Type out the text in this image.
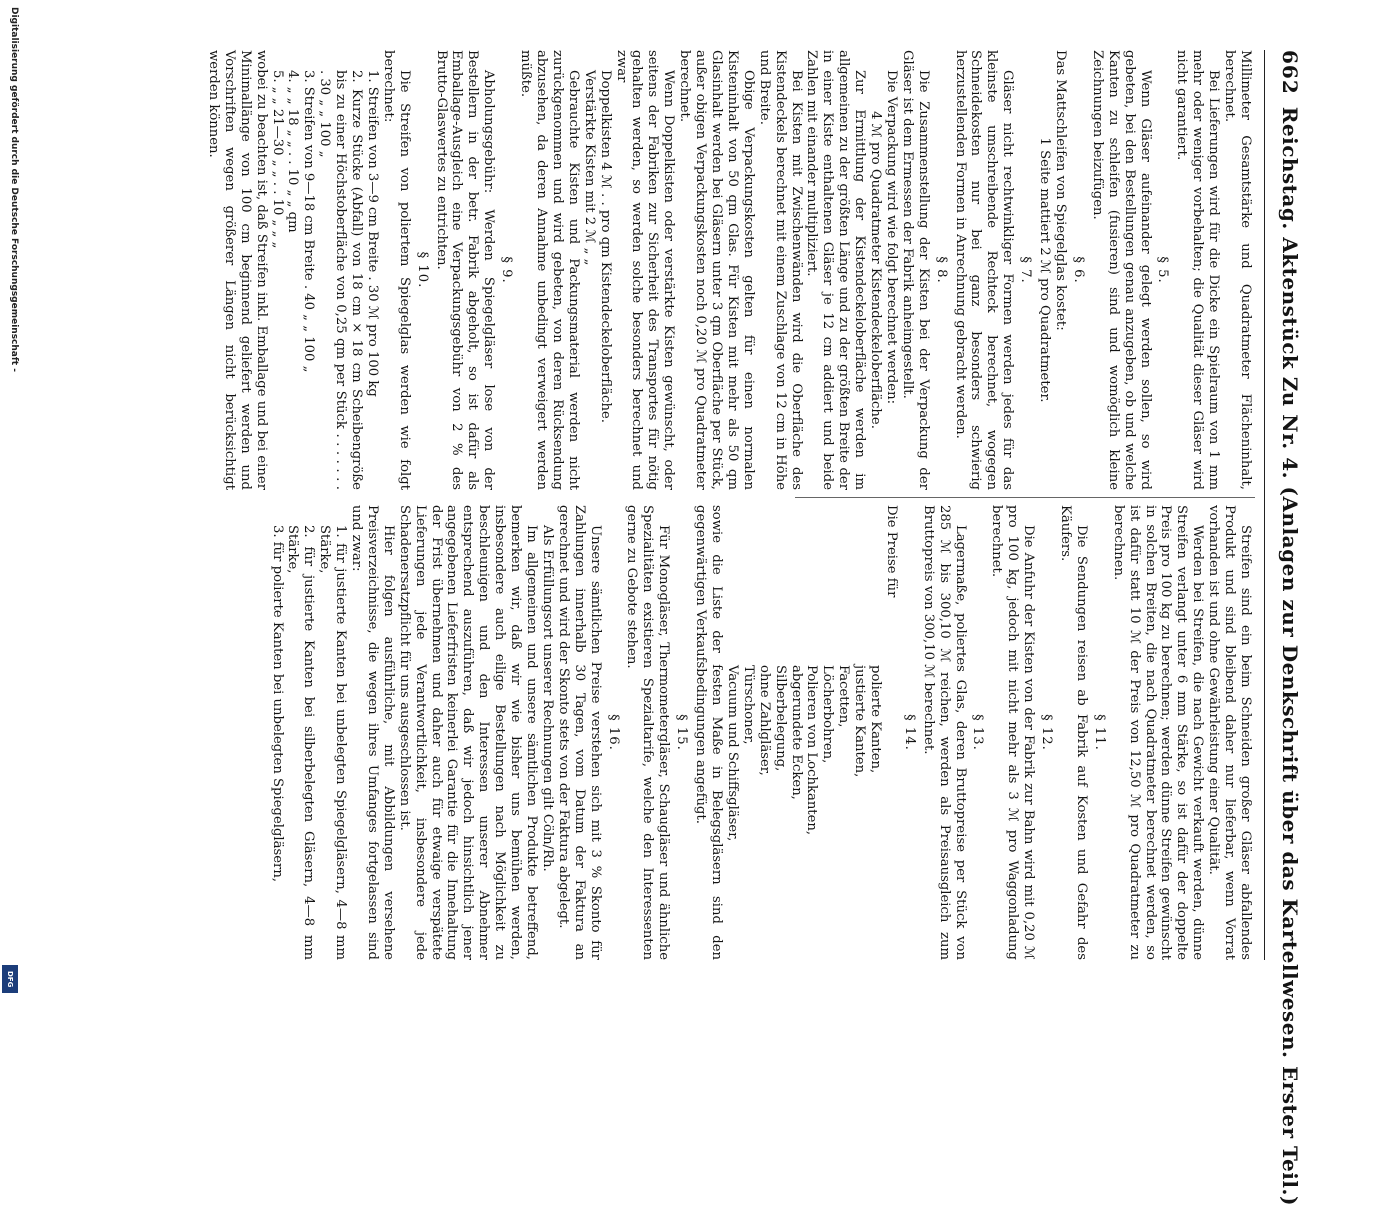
662
Reichstag. Aktenstück Zu Nr. 4. (Anlagen zur Denkschrift über das Kartellwesen. Erster Teil.)
Millimeter Gesamtstärke und Quadratmeter Flächeninhalt, berechnet.
Bei Lieferungen wird für die Dicke ein Spielraum von 1 mm mehr oder weniger vorbehalten; die Qualität dieser Gläser wird nicht garantiert.
§ 5.
Wenn Gläser aufeinander gelegt werden sollen, so wird gebeten, bei den Bestellungen genau anzugeben, ob und welche Kanten zu schleifen (fusieren) sind und womöglich kleine Zeichnungen beizufügen.
§ 6.
Das Mattschleifen von Spiegelglas kostet:
1 Seite mattiert 2 ℳ pro Quadratmeter.
§ 7.
Gläser nicht rechtwinkliger Formen werden jedes für das kleinste umschreibende Rechteck berechnet, wogegen Schneidekosten nur bei ganz besonders schwierig herzustellenden Formen in Anrechnung gebracht werden.
§ 8.
Die Zusammenstellung der Kisten bei der Verpackung der Gläser ist dem Ermessen der Fabrik anheimgestellt.
Die Verpackung wird wie folgt berechnet werden:
4 ℳ pro Quadratmeter Kistendeckeloberfläche.
Zur Ermittlung der Kistendeckeloberfläche werden im allgemeinen zu der größten Länge und zu der größten Breite der in einer Kiste enthaltenen Gläser je 12 cm addiert und beide Zahlen mit einander multipliziert.
Bei Kisten mit Zwischenwänden wird die Oberfläche des Kistendeckels berechnet mit einem Zuschlage von 12 cm in Höhe und Breite.
Obige Verpackungskosten gelten für einen normalen Kisteninhalt von 50 qm Glas. Für Kisten mit mehr als 50 qm Glasinhalt werden bei Gläsern unter 3 qm Oberfläche per Stück, außer obigen Verpackungskosten noch 0,20 ℳ pro Quadratmeter berechnet.
Wenn Doppelkisten oder verstärkte Kisten gewünscht, oder seitens der Fabriken zur Sicherheit des Transportes für nötig gehalten werden, so werden solche besonders berechnet und zwar
Doppelkisten 4 ℳ . . pro qm Kistendeckeloberfläche.
Verstärkte Kisten mit 2 ℳ „ „
Gebrauchte Kisten und Packungsmaterial werden nicht zurückgenommen und wird gebeten, von deren Rücksendung abzusehen, da deren Annahme unbedingt verweigert werden müßte.
§ 9.
Abholungsgebühr: Werden Spiegelgläser lose von der Bestellern in der betr. Fabrik abgeholt, so ist dafür als Emballage-Ausgleich eine Verpackungsgebühr von 2 % des Brutto-Glaswertes zu entrichten.
§ 10.
Die Streifen von poliertem Spiegelglas werden wie folgt berechnet:
1. Streifen von 3—9 cm Breite . 30 ℳ pro 100 kg
2. Kurze Stücke (Abfall) von 18 cm × 18 cm Scheibengröße bis zu einer Höchstoberfläche von 0,25 qm per Stück . . . . . . . . 30 „ „ 100 „
3. Streifen von 9—18 cm Breite . 40 „ „ 100 „
4. „ „ 18 „ „ . . 10 „ „ qm
5. „ „ 21—30 „ „ . . 10 „ „ „
wobei zu beachten ist, daß Streifen inkl. Emballage und bei einer Minimallänge von 100 cm beginnend geliefert werden und Vorschriften wegen größerer Längen nicht berücksichtigt werden können.
Streifen sind ein beim Schneiden großer Gläser abfallendes Produkt und sind bleibend daher nur lieferbar, wenn Vorrat vorhanden ist und ohne Gewährleistung einer Qualität.
Werden bei Streifen, die nach Gewicht verkauft werden, dünne Streifen verlangt unter 6 mm Stärke, so ist dafür der doppelte Preis pro 100 kg zu berechnen; werden dünne Streifen gewünscht in solchen Breiten, die nach Quadratmeter berechnet werden, so ist dafür statt 10 ℳ der Preis von 12,50 ℳ pro Quadratmeter zu berechnen.
§ 11.
Die Sendungen reisen ab Fabrik auf Kosten und Gefahr des Käufers.
§ 12.
Die Anfuhr der Kisten von der Fabrik zur Bahn wird mit 0,20 ℳ pro 100 kg, jedoch mit nicht mehr als 3 ℳ pro Waggonladung berechnet.
§ 13.
Lagermaße, poliertes Glas, deren Bruttopreise per Stück von 285 ℳ bis 300,10 ℳ reichen, werden als Preisausgleich zum Bruttopreis von 300,10 ℳ berechnet.
§ 14.
Die Preise für
polierte Kanten,
justierte Kanten,
Facetten,
Löcherbohren,
Polieren von Lochkanten,
abgerundete Ecken,
Silberbelegung,
ohne Zahlgläser,
Türschoner,
Vacuum und Schiffsgläser,
sowie die Liste der festen Maße in Belegsgläsern sind den gegenwärtigen Verkaufsbedingungen angefügt.
§ 15.
Für Monogläser, Thermometergläser, Schaugläser und ähnliche Spezialitäten existieren Spezialtarife, welche den Interessenten gerne zu Gebote stehen.
§ 16.
Unsere sämtlichen Preise verstehen sich mit 3 % Skonto für Zahlungen innerhalb 30 Tagen, vom Datum der Faktura an gerechnet und wird der Skonto stets von der Faktura abgelegt.
Als Erfüllungsort unserer Rechnungen gilt Cöln/Rh.
Im allgemeinen und unsere sämtlichen Produkte betreffend, bemerken wir, daß wir wie bisher uns bemühen werden, insbesondere auch eilige Bestellungen nach Möglichkeit zu beschleunigen und den Interessen unserer Abnehmer entsprechend auszuführen, daß wir jedoch hinsichtlich jener angegebenen Lieferfristen keinerlei Garantie für die Innehaltung der Frist übernehmen und daher auch für etwaige verspätete Lieferungen jede Verantwortlichkeit, insbesondere jede Schadenersatzpflicht für uns ausgeschlossen ist.
Hier folgen ausführliche, mit Abbildungen versehene Preisverzeichnisse, die wegen ihres Umfanges fortgelassen sind und zwar:
1. für justierte Kanten bei unbelegten Spiegelgläsern, 4—8 mm Stärke,
2. für justierte Kanten bei silberbelegten Gläsern, 4—8 mm Stärke,
3. für polierte Kanten bei unbelegten Spiegelgläsern,
Digitalisierung gefördert durch die Deutsche Forschungsgemeinschaft -
DFG
